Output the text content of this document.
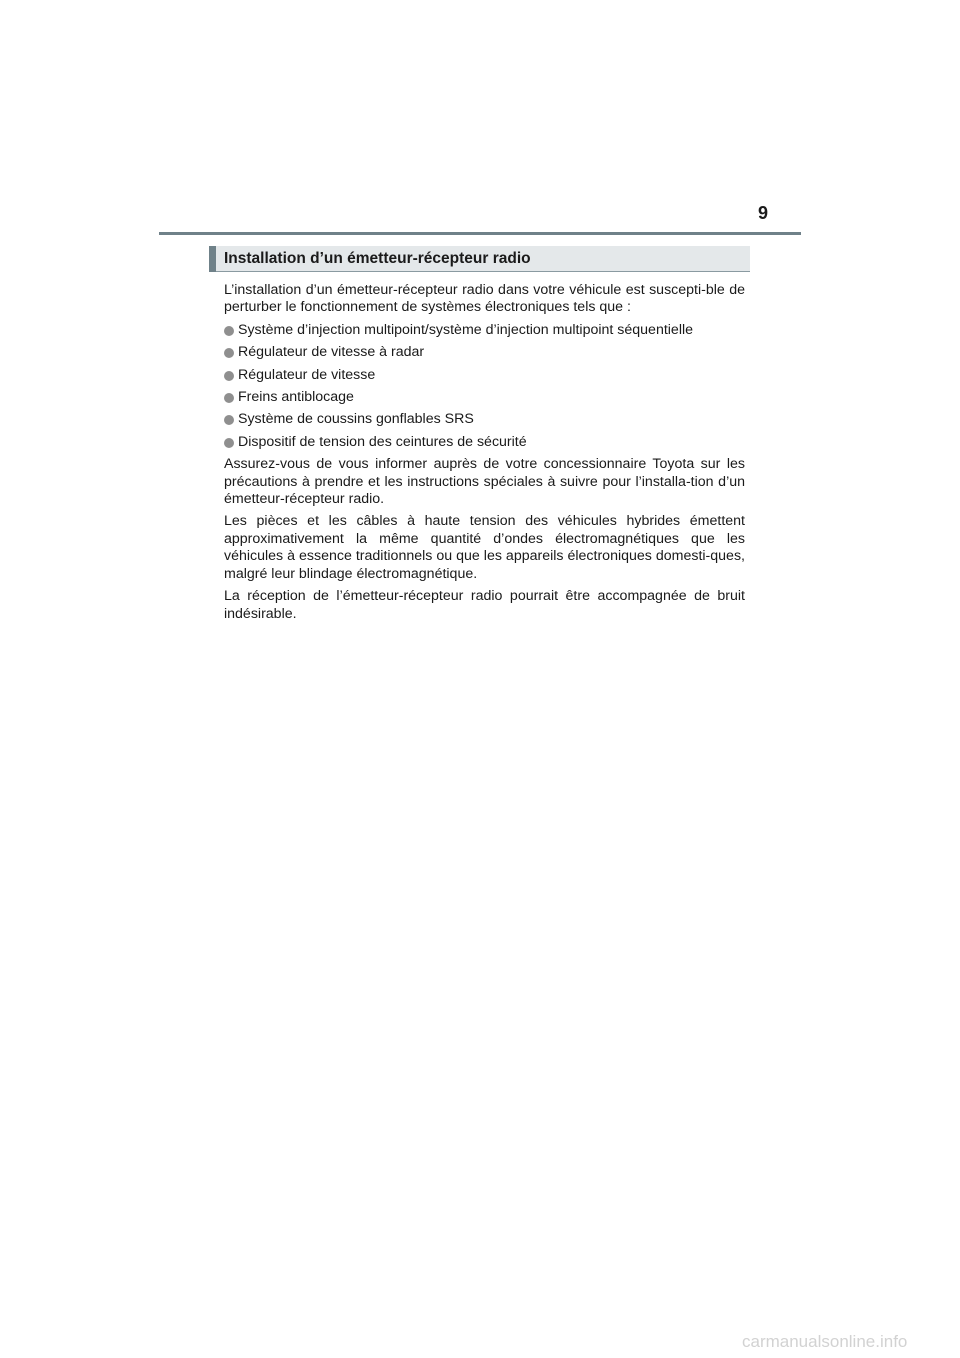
9
Installation d’un émetteur-récepteur radio

L’installation d’un émetteur-récepteur radio dans votre véhicule est suscepti-ble de perturber le fonctionnement de systèmes électroniques tels que :

Système d’injection multipoint/système d’injection multipoint séquentielle
Régulateur de vitesse à radar
Régulateur de vitesse
Freins antiblocage
Système de coussins gonflables SRS
Dispositif de tension des ceintures de sécurité

Assurez-vous de vous informer auprès de votre concessionnaire Toyota sur les précautions à prendre et les instructions spéciales à suivre pour l’installa-tion d’un émetteur-récepteur radio.

Les pièces et les câbles à haute tension des véhicules hybrides émettent approximativement la même quantité d’ondes électromagnétiques que les véhicules à essence traditionnels ou que les appareils électroniques domesti-ques, malgré leur blindage électromagnétique.

La réception de l’émetteur-récepteur radio pourrait être accompagnée de bruit indésirable.

carmanualsonline.info
